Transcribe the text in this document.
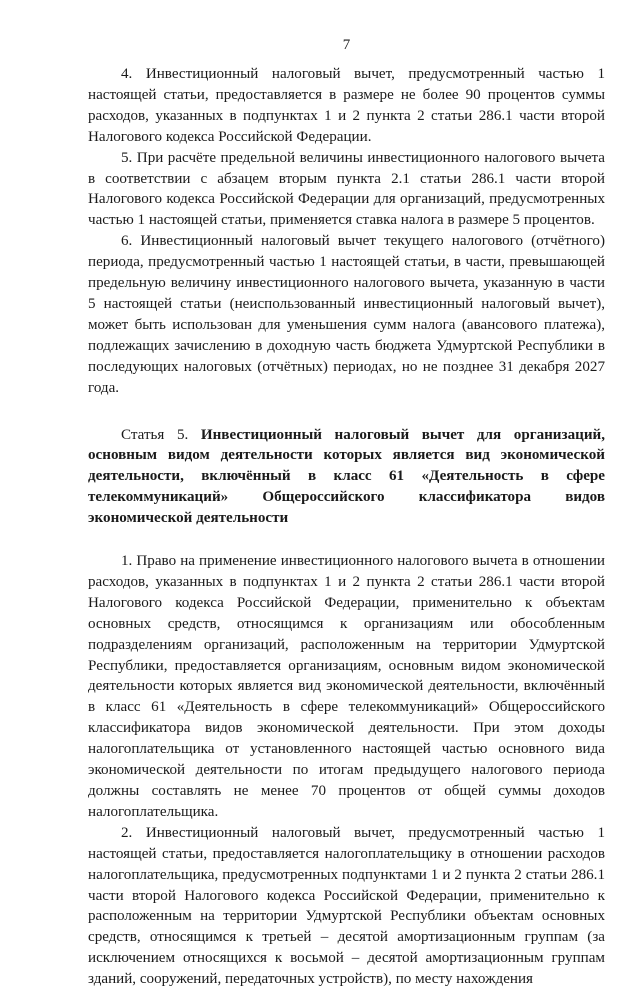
7

4. Инвестиционный налоговый вычет, предусмотренный частью 1 настоящей статьи, предоставляется в размере не более 90 процентов суммы расходов, указанных в подпунктах 1 и 2 пункта 2 статьи 286.1 части второй Налогового кодекса Российской Федерации.

5. При расчёте предельной величины инвестиционного налогового вычета в соответствии с абзацем вторым пункта 2.1 статьи 286.1 части второй Налогового кодекса Российской Федерации для организаций, предусмотренных частью 1 настоящей статьи, применяется ставка налога в размере 5 процентов.

6. Инвестиционный налоговый вычет текущего налогового (отчётного) периода, предусмотренный частью 1 настоящей статьи, в части, превышающей предельную величину инвестиционного налогового вычета, указанную в части 5 настоящей статьи (неиспользованный инвестиционный налоговый вычет), может быть использован для уменьшения сумм налога (авансового платежа), подлежащих зачислению в доходную часть бюджета Удмуртской Республики в последующих налоговых (отчётных) периодах, но не позднее 31 декабря 2027 года.

Статья 5. Инвестиционный налоговый вычет для организаций, основным видом деятельности которых является вид экономической деятельности, включённый в класс 61 «Деятельность в сфере телекоммуникаций» Общероссийского классификатора видов экономической деятельности

1. Право на применение инвестиционного налогового вычета в отношении расходов, указанных в подпунктах 1 и 2 пункта 2 статьи 286.1 части второй Налогового кодекса Российской Федерации, применительно к объектам основных средств, относящимся к организациям или обособленным подразделениям организаций, расположенным на территории Удмуртской Республики, предоставляется организациям, основным видом экономической деятельности которых является вид экономической деятельности, включённый в класс 61 «Деятельность в сфере телекоммуникаций» Общероссийского классификатора видов экономической деятельности. При этом доходы налогоплательщика от установленного настоящей частью основного вида экономической деятельности по итогам предыдущего налогового периода должны составлять не менее 70 процентов от общей суммы доходов налогоплательщика.

2. Инвестиционный налоговый вычет, предусмотренный частью 1 настоящей статьи, предоставляется налогоплательщику в отношении расходов налогоплательщика, предусмотренных подпунктами 1 и 2 пункта 2 статьи 286.1 части второй Налогового кодекса Российской Федерации, применительно к расположенным на территории Удмуртской Республики объектам основных средств, относящимся к третьей – десятой амортизационным группам (за исключением относящихся к восьмой – десятой амортизационным группам зданий, сооружений, передаточных устройств), по месту нахождения
